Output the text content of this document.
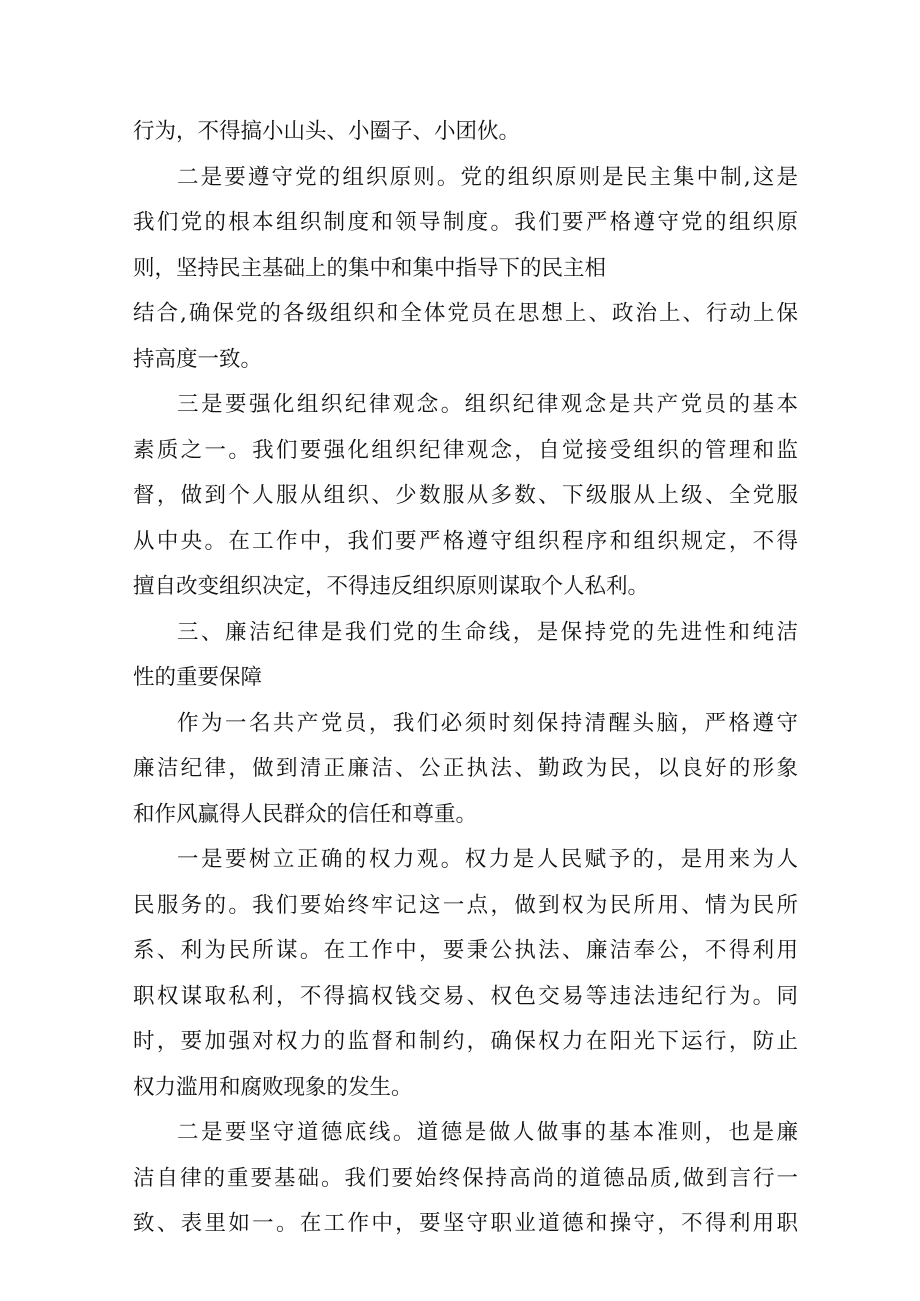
行为，不得搞小山头、小圈子、小团伙。
二是要遵守党的组织原则。党的组织原则是民主集中制,这是
我们党的根本组织制度和领导制度。我们要严格遵守党的组织原
则，坚持民主基础上的集中和集中指导下的民主相
结合,确保党的各级组织和全体党员在思想上、政治上、行动上保
持高度一致。
三是要强化组织纪律观念。组织纪律观念是共产党员的基本
素质之一。我们要强化组织纪律观念，自觉接受组织的管理和监
督，做到个人服从组织、少数服从多数、下级服从上级、全党服
从中央。在工作中，我们要严格遵守组织程序和组织规定，不得
擅自改变组织决定，不得违反组织原则谋取个人私利。
三、廉洁纪律是我们党的生命线，是保持党的先进性和纯洁
性的重要保障
作为一名共产党员，我们必须时刻保持清醒头脑，严格遵守
廉洁纪律，做到清正廉洁、公正执法、勤政为民，以良好的形象
和作风赢得人民群众的信任和尊重。
一是要树立正确的权力观。权力是人民赋予的，是用来为人
民服务的。我们要始终牢记这一点，做到权为民所用、情为民所
系、利为民所谋。在工作中，要秉公执法、廉洁奉公，不得利用
职权谋取私利，不得搞权钱交易、权色交易等违法违纪行为。同
时，要加强对权力的监督和制约，确保权力在阳光下运行，防止
权力滥用和腐败现象的发生。
二是要坚守道德底线。道德是做人做事的基本准则，也是廉
洁自律的重要基础。我们要始终保持高尚的道德品质,做到言行一
致、表里如一。在工作中，要坚守职业道德和操守，不得利用职
